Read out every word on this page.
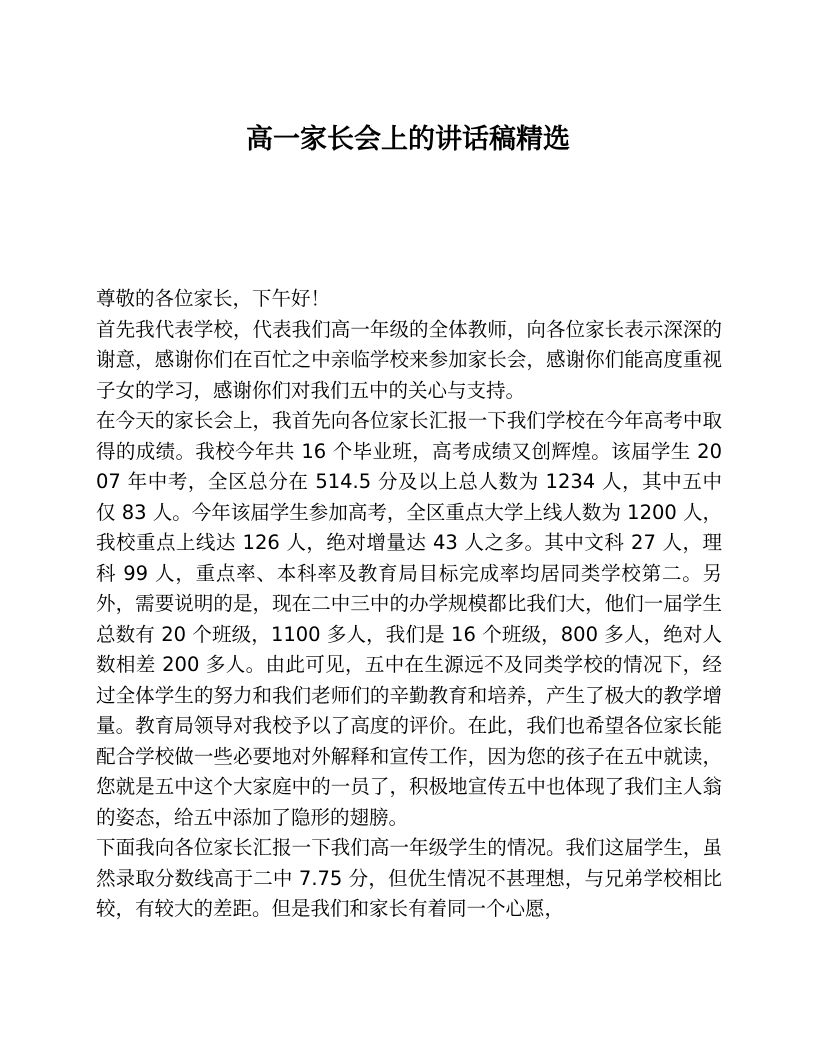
高一家长会上的讲话稿精选

尊敬的各位家长，下午好！

首先我代表学校，代表我们高一年级的全体教师，向各位家长表示深深的谢意，感谢你们在百忙之中亲临学校来参加家长会，感谢你们能高度重视子女的学习，感谢你们对我们五中的关心与支持。

在今天的家长会上，我首先向各位家长汇报一下我们学校在今年高考中取得的成绩。我校今年共 16 个毕业班，高考成绩又创辉煌。该届学生 2007 年中考，全区总分在 514.5 分及以上总人数为 1234 人，其中五中仅 83 人。今年该届学生参加高考，全区重点大学上线人数为 1200 人，我校重点上线达 126 人，绝对增量达 43 人之多。其中文科 27 人，理科 99 人，重点率、本科率及教育局目标完成率均居同类学校第二。另外，需要说明的是，现在二中三中的办学规模都比我们大，他们一届学生总数有 20 个班级，1100 多人，我们是 16 个班级，800 多人，绝对人数相差 200 多人。由此可见，五中在生源远不及同类学校的情况下，经过全体学生的努力和我们老师们的辛勤教育和培养，产生了极大的教学增量。教育局领导对我校予以了高度的评价。在此，我们也希望各位家长能配合学校做一些必要地对外解释和宣传工作，因为您的孩子在五中就读，您就是五中这个大家庭中的一员了，积极地宣传五中也体现了我们主人翁的姿态，给五中添加了隐形的翅膀。

下面我向各位家长汇报一下我们高一年级学生的情况。我们这届学生，虽然录取分数线高于二中 7.75 分，但优生情况不甚理想，与兄弟学校相比较，有较大的差距。但是我们和家长有着同一个心愿，
